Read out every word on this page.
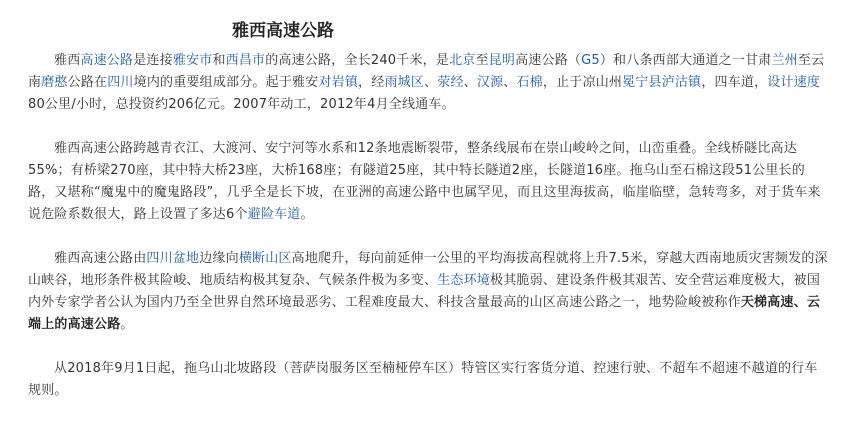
雅西高速公路

雅西高速公路是连接雅安市和西昌市的高速公路，全长240千米，是北京至昆明高速公路（G5）和八条西部大通道之一甘肃兰州至云南磨憨公路在四川境内的重要组成部分。起于雅安对岩镇，经雨城区、荥经、汉源、石棉，止于凉山州冕宁县泸沽镇，四车道，设计速度80公里/小时，总投资约206亿元。2007年动工，2012年4月全线通车。

雅西高速公路跨越青衣江、大渡河、安宁河等水系和12条地震断裂带，整条线展布在崇山峻岭之间，山峦重叠。全线桥隧比高达55%；有桥梁270座，其中特大桥23座，大桥168座；有隧道25座，其中特长隧道2座，长隧道16座。拖乌山至石棉这段51公里长的路，又堪称“魔鬼中的魔鬼路段”，几乎全是长下坡，在亚洲的高速公路中也属罕见，而且这里海拔高，临崖临壁，急转弯多，对于货车来说危险系数很大，路上设置了多达6个避险车道。

雅西高速公路由四川盆地边缘向横断山区高地爬升，每向前延伸一公里的平均海拔高程就将上升7.5米，穿越大西南地质灾害频发的深山峡谷，地形条件极其险峻、地质结构极其复杂、气候条件极为多变、生态环境极其脆弱、建设条件极其艰苦、安全营运难度极大，被国内外专家学者公认为国内乃至全世界自然环境最恶劣、工程难度最大、科技含量最高的山区高速公路之一，地势险峻被称作天梯高速、云端上的高速公路。

从2018年9月1日起，拖乌山北坡路段（菩萨岗服务区至楠桠停车区）特管区实行客货分道、控速行驶、不超车不超速不越道的行车规则。
